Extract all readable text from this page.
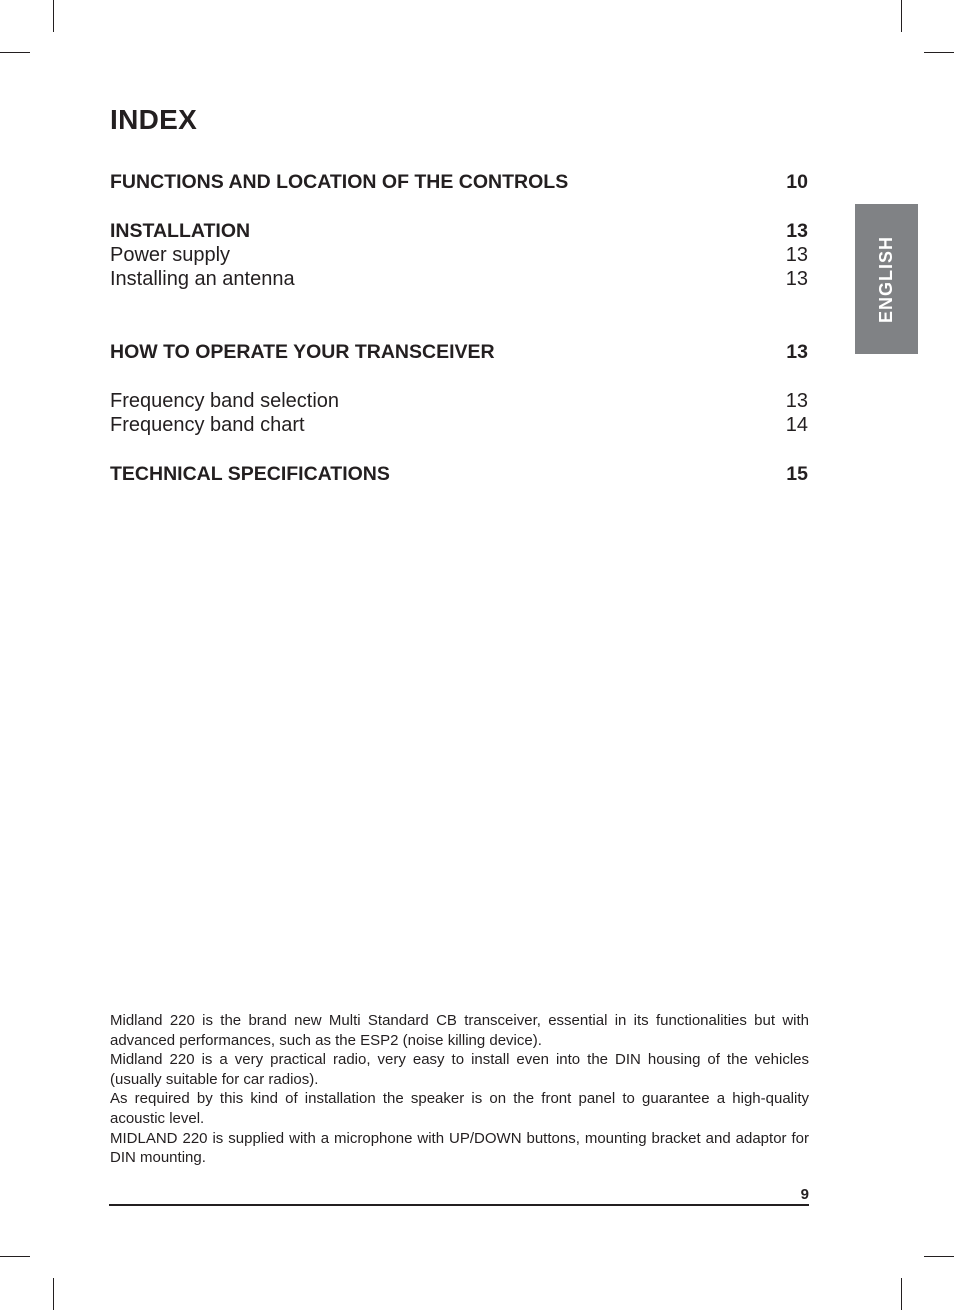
INDEX
ENGLISH
FUNCTIONS AND LOCATION OF THE CONTROLS	10
INSTALLATION	13
Power supply	13
Installing an antenna	13
HOW TO OPERATE YOUR TRANSCEIVER	13
Frequency band selection	13
Frequency band chart	14
TECHNICAL SPECIFICATIONS	15

Midland 220 is the brand new Multi Standard CB transceiver, essential in its functionalities but with advanced performances, such as the ESP2 (noise killing device).

Midland 220 is a very practical radio, very easy to install even into the DIN housing of the vehicles (usually suitable for car radios).

As required by this kind of installation the speaker is on the front panel to guarantee a high-quality acoustic level.

MIDLAND 220 is supplied with a microphone with UP/DOWN buttons, mounting bracket and adaptor for DIN mounting.

9
